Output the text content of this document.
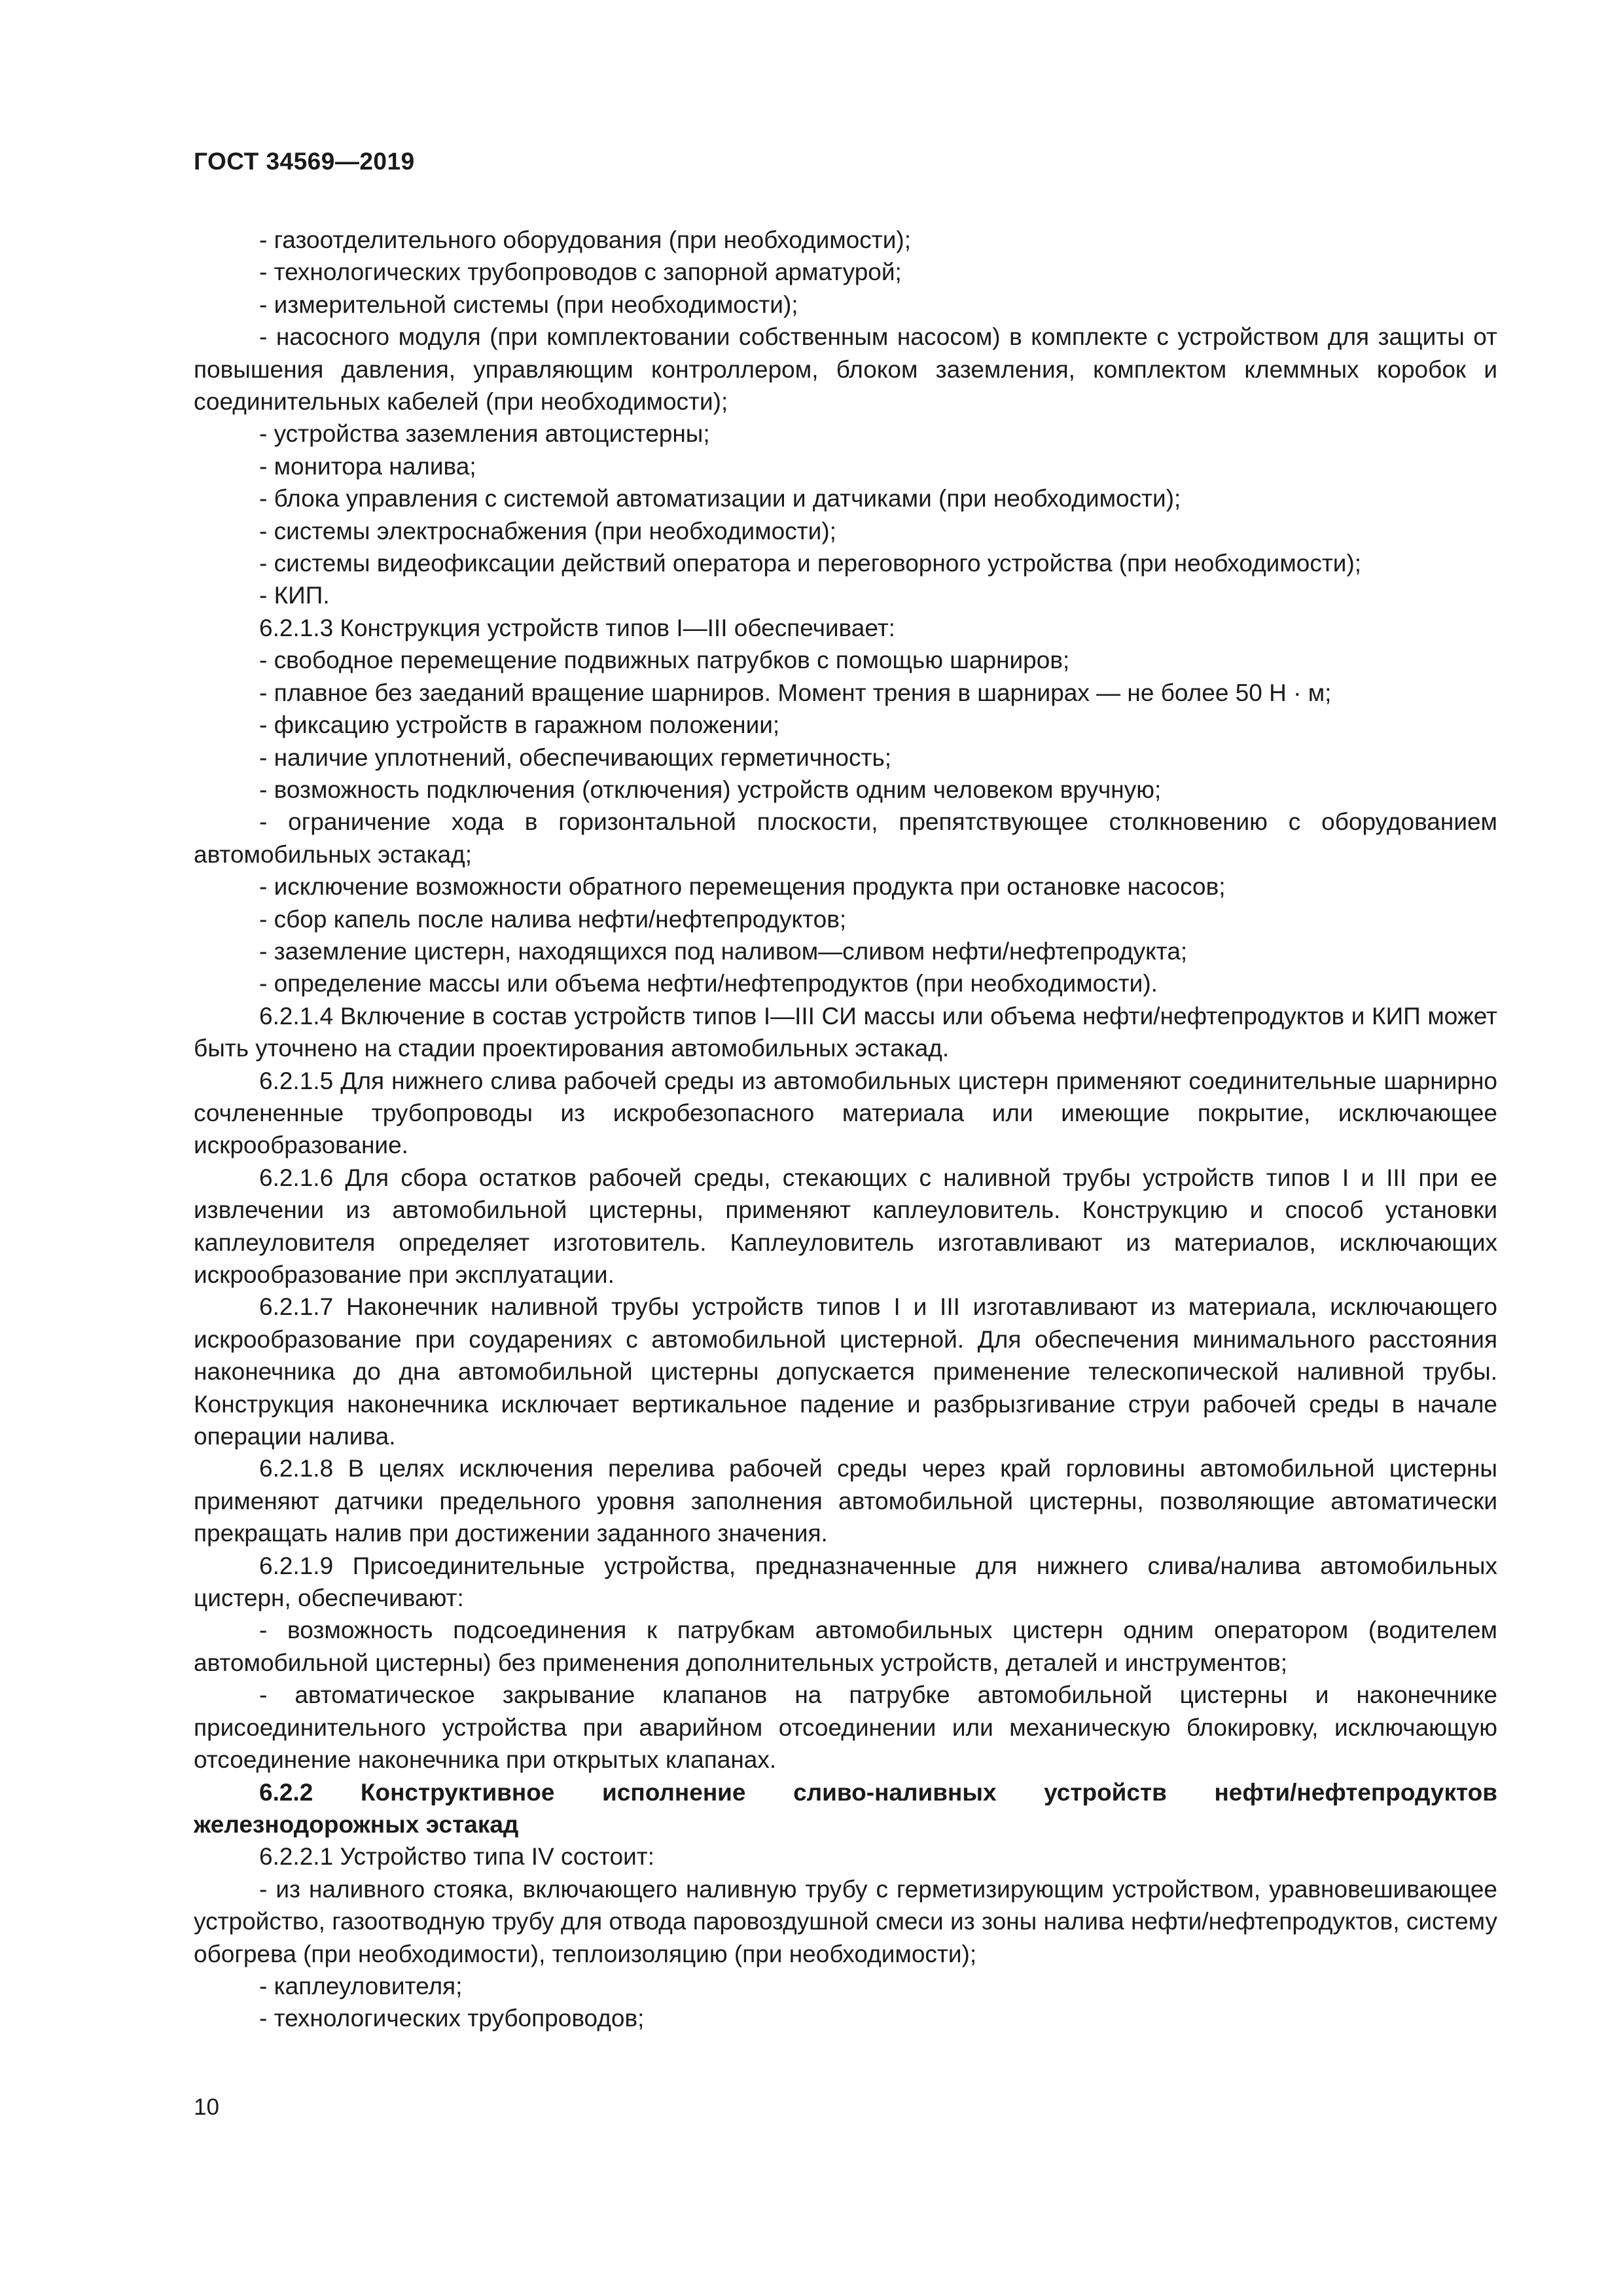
ГОСТ 34569—2019

- газоотделительного оборудования (при необходимости);

- технологических трубопроводов с запорной арматурой;

- измерительной системы (при необходимости);

- насосного модуля (при комплектовании собственным насосом) в комплекте с устройством для защиты от повышения давления, управляющим контроллером, блоком заземления, комплектом клеммных коробок и соединительных кабелей (при необходимости);

- устройства заземления автоцистерны;

- монитора налива;

- блока управления с системой автоматизации и датчиками (при необходимости);

- системы электроснабжения (при необходимости);

- системы видеофиксации действий оператора и переговорного устройства (при необходимости);

- КИП.

6.2.1.3 Конструкция устройств типов I—III обеспечивает:

- свободное перемещение подвижных патрубков с помощью шарниров;

- плавное без заеданий вращение шарниров. Момент трения в шарнирах — не более 50 Н · м;

- фиксацию устройств в гаражном положении;

- наличие уплотнений, обеспечивающих герметичность;

- возможность подключения (отключения) устройств одним человеком вручную;

- ограничение хода в горизонтальной плоскости, препятствующее столкновению с оборудованием автомобильных эстакад;

- исключение возможности обратного перемещения продукта при остановке насосов;

- сбор капель после налива нефти/нефтепродуктов;

- заземление цистерн, находящихся под наливом—сливом нефти/нефтепродукта;

- определение массы или объема нефти/нефтепродуктов (при необходимости).

6.2.1.4 Включение в состав устройств типов I—III СИ массы или объема нефти/нефтепродуктов и КИП может быть уточнено на стадии проектирования автомобильных эстакад.

6.2.1.5 Для нижнего слива рабочей среды из автомобильных цистерн применяют соединительные шарнирно сочлененные трубопроводы из искробезопасного материала или имеющие покрытие, исключающее искрообразование.

6.2.1.6 Для сбора остатков рабочей среды, стекающих с наливной трубы устройств типов I и III при ее извлечении из автомобильной цистерны, применяют каплеуловитель. Конструкцию и способ установки каплеуловителя определяет изготовитель. Каплеуловитель изготавливают из материалов, исключающих искрообразование при эксплуатации.

6.2.1.7 Наконечник наливной трубы устройств типов I и III изготавливают из материала, исключающего искрообразование при соударениях с автомобильной цистерной. Для обеспечения минимального расстояния наконечника до дна автомобильной цистерны допускается применение телескопической наливной трубы. Конструкция наконечника исключает вертикальное падение и разбрызгивание струи рабочей среды в начале операции налива.

6.2.1.8 В целях исключения перелива рабочей среды через край горловины автомобильной цистерны применяют датчики предельного уровня заполнения автомобильной цистерны, позволяющие автоматически прекращать налив при достижении заданного значения.

6.2.1.9 Присоединительные устройства, предназначенные для нижнего слива/налива автомобильных цистерн, обеспечивают:

- возможность подсоединения к патрубкам автомобильных цистерн одним оператором (водителем автомобильной цистерны) без применения дополнительных устройств, деталей и инструментов;

- автоматическое закрывание клапанов на патрубке автомобильной цистерны и наконечнике присоединительного устройства при аварийном отсоединении или механическую блокировку, исключающую отсоединение наконечника при открытых клапанах.

6.2.2 Конструктивное исполнение сливо-наливных устройств нефти/нефтепродуктов железнодорожных эстакад

6.2.2.1 Устройство типа IV состоит:

- из наливного стояка, включающего наливную трубу с герметизирующим устройством, уравновешивающее устройство, газоотводную трубу для отвода паровоздушной смеси из зоны налива нефти/нефтепродуктов, систему обогрева (при необходимости), теплоизоляцию (при необходимости);

- каплеуловителя;

- технологических трубопроводов;

10
